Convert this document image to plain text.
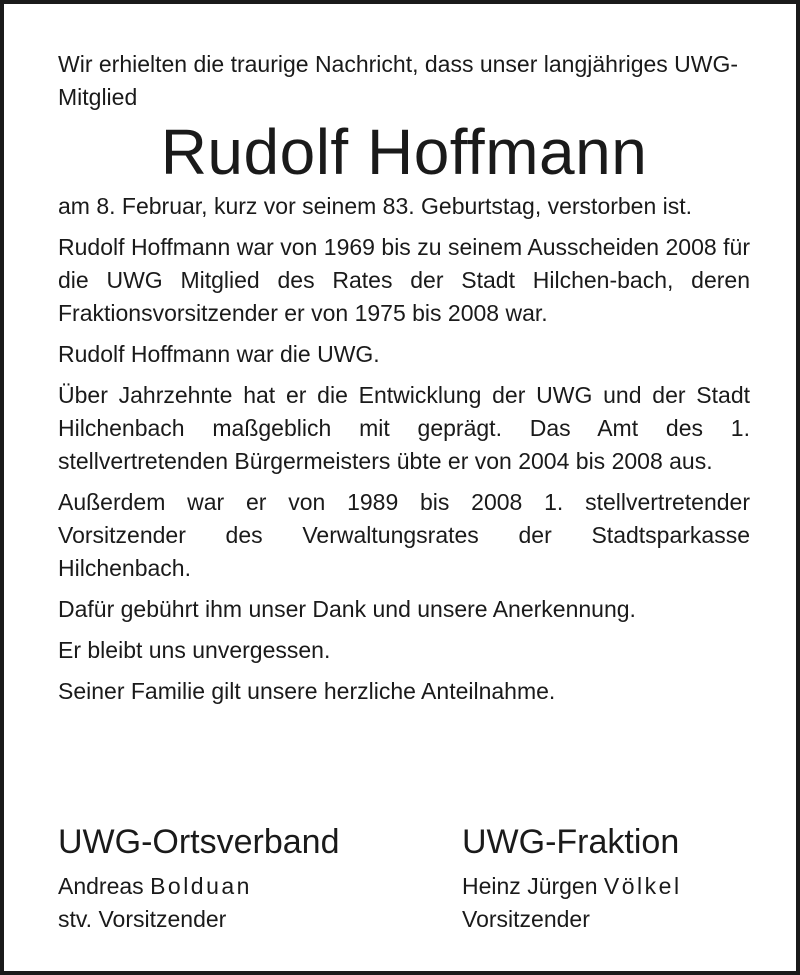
Wir erhielten die traurige Nachricht, dass unser langjähriges UWG-Mitglied

Rudolf Hoffmann

am 8. Februar, kurz vor seinem 83. Geburtstag, verstorben ist.

Rudolf Hoffmann war von 1969 bis zu seinem Ausscheiden 2008 für die UWG Mitglied des Rates der Stadt Hilchen-bach, deren Fraktionsvorsitzender er von 1975 bis 2008 war.

Rudolf Hoffmann war die UWG.

Über Jahrzehnte hat er die Entwicklung der UWG und der Stadt Hilchenbach maßgeblich mit geprägt. Das Amt des 1. stellvertretenden Bürgermeisters übte er von 2004 bis 2008 aus.

Außerdem war er von 1989 bis 2008 1. stellvertretender Vorsitzender des Verwaltungsrates der Stadtsparkasse Hilchenbach.

Dafür gebührt ihm unser Dank und unsere Anerkennung.

Er bleibt uns unvergessen.

Seiner Familie gilt unsere herzliche Anteilnahme.

UWG-Ortsverband
Andreas Bolduan
stv. Vorsitzender
UWG-Fraktion
Heinz Jürgen Völkel
Vorsitzender
